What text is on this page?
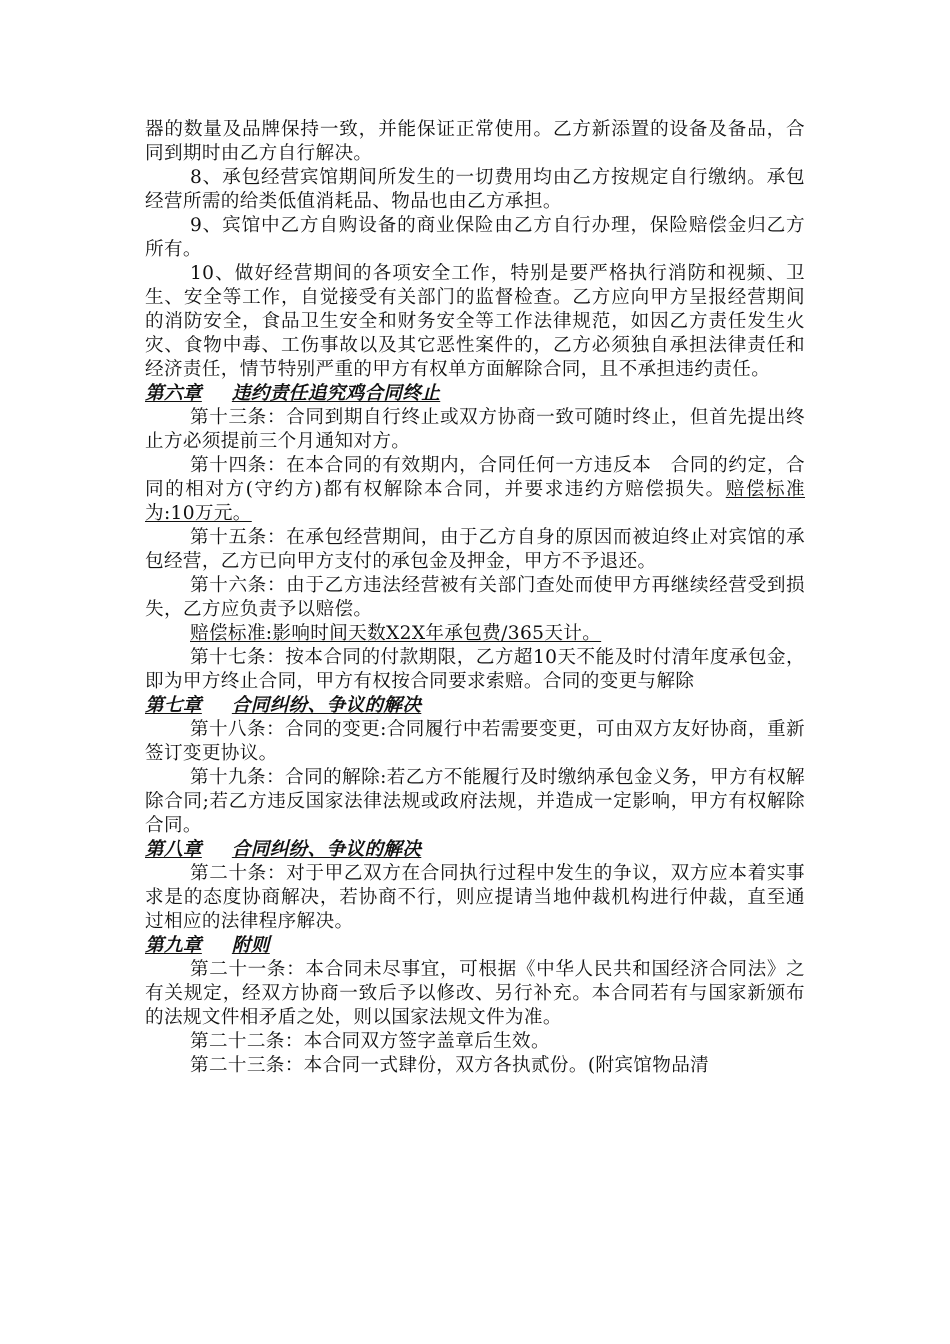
器的数量及品牌保持一致，并能保证正常使用。乙方新添置的设备及备品，合同到期时由乙方自行解决。

8、承包经营宾馆期间所发生的一切费用均由乙方按规定自行缴纳。承包经营所需的给类低值消耗品、物品也由乙方承担。

9、宾馆中乙方自购设备的商业保险由乙方自行办理，保险赔偿金归乙方所有。

10、做好经营期间的各项安全工作，特别是要严格执行消防和视频、卫生、安全等工作，自觉接受有关部门的监督检查。乙方应向甲方呈报经营期间的消防安全，食品卫生安全和财务安全等工作法律规范，如因乙方责任发生火灾、食物中毒、工伤事故以及其它恶性案件的，乙方必须独自承担法律责任和经济责任，情节特别严重的甲方有权单方面解除合同，且不承担违约责任。

第六章 违约责任追究鸡合同终止

第十三条：合同到期自行终止或双方协商一致可随时终止，但首先提出终止方必须提前三个月通知对方。

第十四条：在本合同的有效期内，合同任何一方违反本　合同的约定，合同的相对方(守约方)都有权解除本合同，并要求违约方赔偿损失。赔偿标准为:10万元。

第十五条：在承包经营期间，由于乙方自身的原因而被迫终止对宾馆的承包经营，乙方已向甲方支付的承包金及押金，甲方不予退还。

第十六条：由于乙方违法经营被有关部门查处而使甲方再继续经营受到损失，乙方应负责予以赔偿。

赔偿标准:影响时间天数X2X年承包费/365天计。

第十七条：按本合同的付款期限，乙方超10天不能及时付清年度承包金，即为甲方终止合同，甲方有权按合同要求索赔。合同的变更与解除

第七章 合同纠纷、争议的解决

第十八条：合同的变更:合同履行中若需要变更，可由双方友好协商，重新签订变更协议。

第十九条：合同的解除:若乙方不能履行及时缴纳承包金义务，甲方有权解除合同;若乙方违反国家法律法规或政府法规，并造成一定影响，甲方有权解除合同。

第八章 合同纠纷、争议的解决

第二十条：对于甲乙双方在合同执行过程中发生的争议，双方应本着实事求是的态度协商解决，若协商不行，则应提请当地仲裁机构进行仲裁，直至通过相应的法律程序解决。

第九章 附则

第二十一条：本合同未尽事宜，可根据《中华人民共和国经济合同法》之有关规定，经双方协商一致后予以修改、另行补充。本合同若有与国家新颁布的法规文件相矛盾之处，则以国家法规文件为准。

第二十二条：本合同双方签字盖章后生效。

第二十三条：本合同一式肆份，双方各执贰份。(附宾馆物品清
